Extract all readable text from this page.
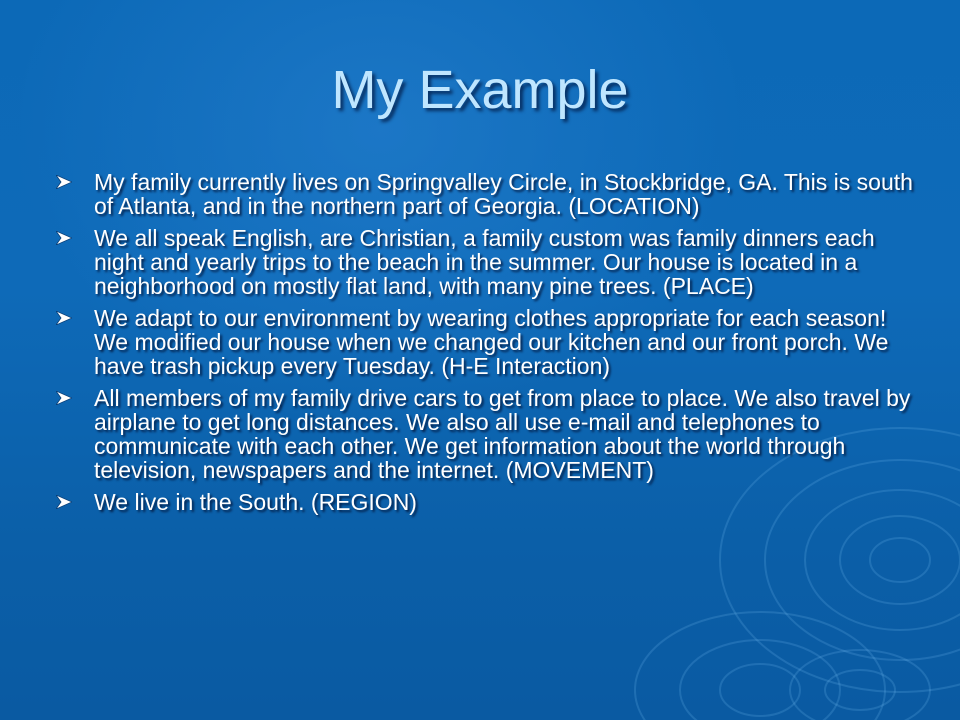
My Example
My family currently lives on Springvalley Circle, in Stockbridge, GA. This is south of Atlanta, and in the northern part of Georgia. (LOCATION)
We all speak English, are Christian, a family custom was family dinners each night and yearly trips to the beach in the summer. Our house is located in a neighborhood on mostly flat land, with many pine trees. (PLACE)
We adapt to our environment by wearing clothes appropriate for each season! We modified our house when we changed our kitchen and our front porch. We have trash pickup every Tuesday. (H-E Interaction)
All members of my family drive cars to get from place to place. We also travel by airplane to get long distances. We also all use e-mail and telephones to communicate with each other. We get information about the world through television, newspapers and the internet. (MOVEMENT)
We live in the South. (REGION)
